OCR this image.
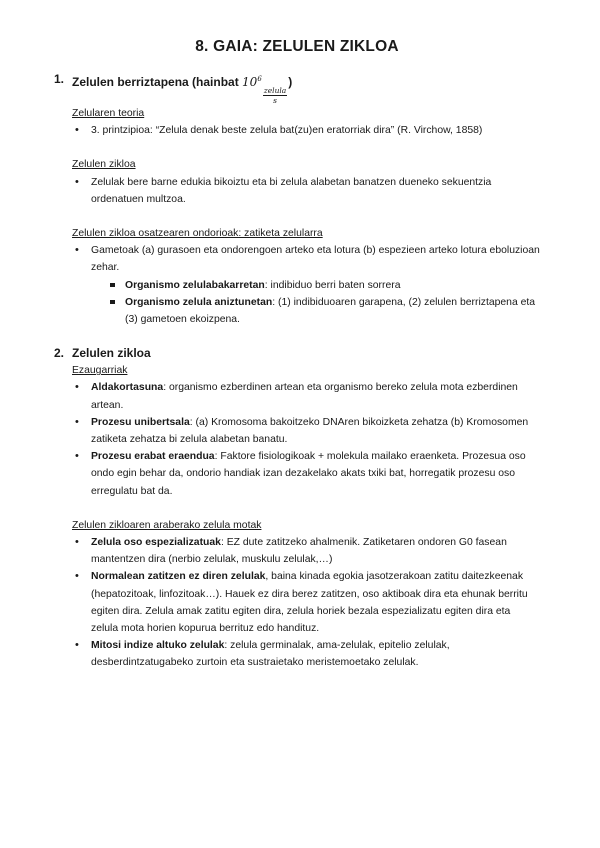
8. GAIA: ZELULEN ZIKLOA
1. Zelulen berriztapena (hainbat $10^6$
$\frac{\text{zelula}}{s}$
)
Zelularen teoria
• 3. printzipioa: “Zelula denak beste zelula bat(zu)en eratorriak dira” (R. Virchow, 1858)
Zelulen zikloa
• Zelulak bere barne edukia bikoiztu eta bi zelula alabetan banatzen dueneko sekuentzia ordenatuen multzoa.
Zelulen zikloa osatzearen ondorioak: zatiketa zelularra
• Gametoak (a) gurasoen eta ondorengoen arteko eta lotura (b) espezieen arteko lotura eboluzioan zehar.
Organismo zelulabakarretan: indibiduo berri baten sorrera
Organismo zelula aniztunetan: (1) indibiduoaren garapena, (2) zelulen berriztapena eta (3) gametoen ekoizpena.
2. Zelulen zikloa
Ezaugarriak
• Aldakortasuna: organismo ezberdinen artean eta organismo bereko zelula mota ezberdinen artean.
• Prozesu unibertsala: (a) Kromosoma bakoitzeko DNAren bikoizketa zehatza (b) Kromosomen zatiketa zehatza bi zelula alabetan banatu.
• Prozesu erabat eraendua: Faktore fisiologikoak + molekula mailako eraenketa. Prozesua oso ondo egin behar da, ondorio handiak izan dezakelako akats txiki bat, horregatik prozesu oso erregulatu bat da.
Zelulen zikloaren araberako zelula motak
• Zelula oso espezializatuak: EZ dute zatitzeko ahalmenik. Zatiketaren ondoren G0 fasean mantentzen dira (nerbio zelulak, muskulu zelulak,…)
• Normalean zatitzen ez diren zelulak, baina kinada egokia jasotzerakoan zatitu daitezkeenak (hepatozitoak, linfozitoak…). Hauek ez dira berez zatitzen, oso aktiboak dira eta ehunak berritu egiten dira. Zelula amak zatitu egiten dira, zelula horiek bezala espezializatu egiten dira eta zelula mota horien kopurua berrituz edo handituz.
• Mitosi indize altuko zelulak: zelula germinalak, ama-zelulak, epitelio zelulak, desberdintzatugabeko zurtoin eta sustraietako meristemoetako zelulak.
